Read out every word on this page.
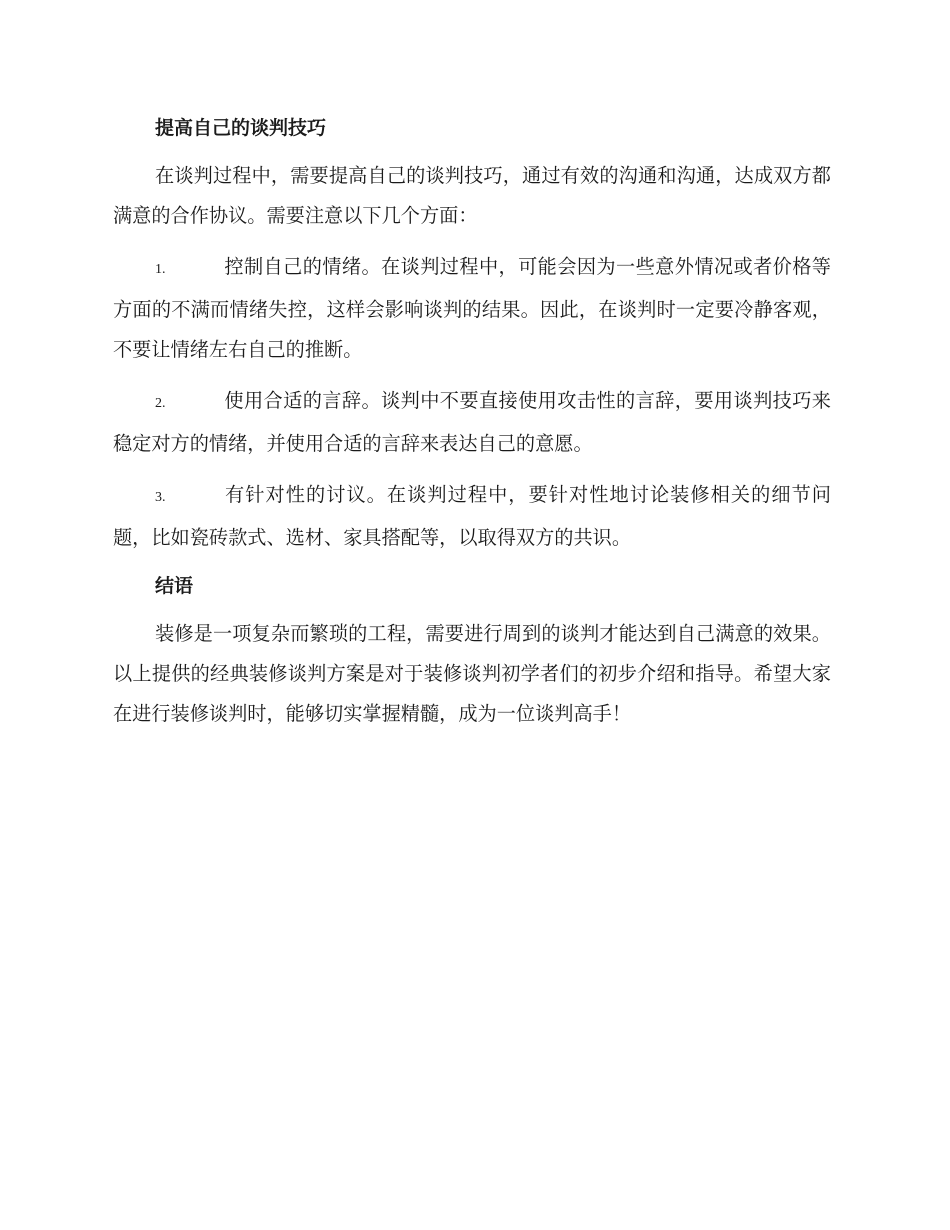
提高自己的谈判技巧

在谈判过程中，需要提高自己的谈判技巧，通过有效的沟通和沟通，达成双方都满意的合作协议。需要注意以下几个方面：

1.	控制自己的情绪。在谈判过程中，可能会因为一些意外情况或者价格等方面的不满而情绪失控，这样会影响谈判的结果。因此，在谈判时一定要冷静客观，不要让情绪左右自己的推断。

2.	使用合适的言辞。谈判中不要直接使用攻击性的言辞，要用谈判技巧来稳定对方的情绪，并使用合适的言辞来表达自己的意愿。

3.	有针对性的讨议。在谈判过程中，要针对性地讨论装修相关的细节问题，比如瓷砖款式、选材、家具搭配等，以取得双方的共识。

结语

装修是一项复杂而繁琐的工程，需要进行周到的谈判才能达到自己满意的效果。以上提供的经典装修谈判方案是对于装修谈判初学者们的初步介绍和指导。希望大家在进行装修谈判时，能够切实掌握精髓，成为一位谈判高手！
